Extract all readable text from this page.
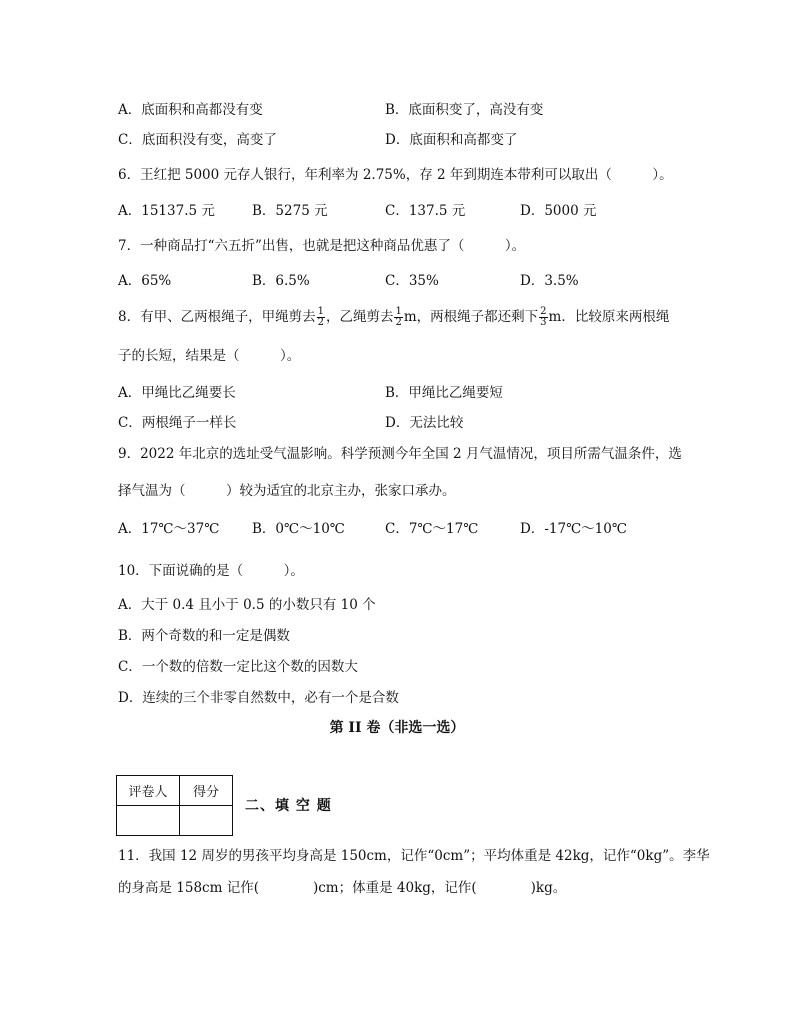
A．底面积和高都没有变	B．底面积变了，高没有变
C．底面积没有变，高变了	D．底面积和高都变了
6．王红把 5000 元存人银行，年利率为 2.75%，存 2 年到期连本带利可以取出（　　　）。
A．15137.5 元	B．5275 元	C．137.5 元	D．5000 元
7．一种商品打“六五折”出售，也就是把这种商品优惠了（　　　）。
A．65%	B．6.5%	C．35%	D．3.5%
8．有甲、乙两根绳子，甲绳剪去 $\frac{1}{2}$ ，乙绳剪去 $\frac{1}{2}$ m，两根绳子都还剩下 $\frac{2}{3}$ m．比较原来两根绳
子的长短，结果是（　　　）。
A．甲绳比乙绳要长	B．甲绳比乙绳要短
C．两根绳子一样长	D．无法比较
9．2022 年北京的选址受气温影响。科学预测今年全国 2 月气温情况，项目所需气温条件，选
择气温为（　　　）较为适宜的北京主办，张家口承办。
A．17℃～37℃ B．0℃～10℃	C．7℃～17℃	D．-17℃～10℃
10．下面说确的是（　　　）。
A．大于 0.4 且小于 0.5 的小数只有 10 个
B．两个奇数的和一定是偶数
C．一个数的倍数一定比这个数的因数大
D．连续的三个非零自然数中，必有一个是合数
第 II 卷（非选一选）
评卷人	得分

二、填 空 题
11．我国 12 周岁的男孩平均身高是 150cm，记作“0cm”；平均体重是 42kg，记作“0kg”。李华
的身高是 158cm 记作(　　　　)cm；体重是 40kg，记作(　　　　)kg。
